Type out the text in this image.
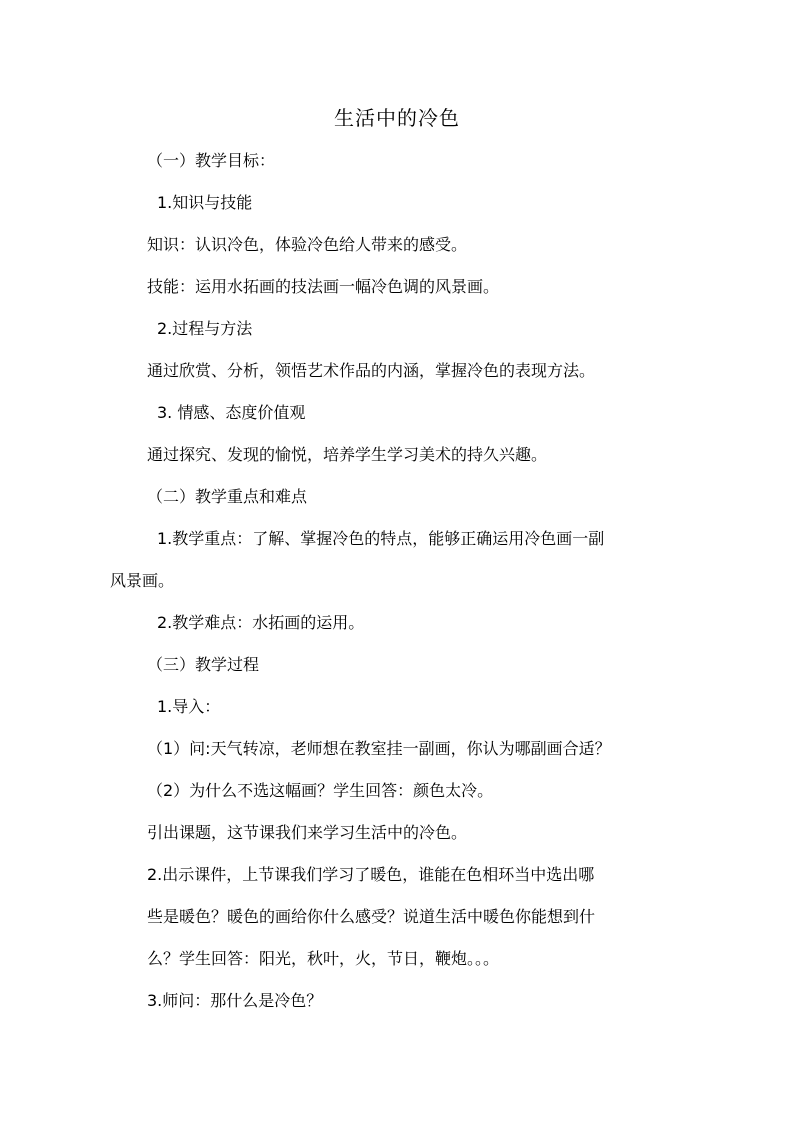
生活中的冷色
（一）教学目标：
1.知识与技能
知识：认识冷色，体验冷色给人带来的感受。
技能：运用水拓画的技法画一幅冷色调的风景画。
2.过程与方法
通过欣赏、分析，领悟艺术作品的内涵，掌握冷色的表现方法。
3. 情感、态度价值观
通过探究、发现的愉悦，培养学生学习美术的持久兴趣。
（二）教学重点和难点
1.教学重点：了解、掌握冷色的特点，能够正确运用冷色画一副
风景画。
2.教学难点：水拓画的运用。
（三）教学过程
1.导入：
（1）问:天气转凉，老师想在教室挂一副画，你认为哪副画合适？
（2）为什么不选这幅画？学生回答：颜色太冷。
引出课题，这节课我们来学习生活中的冷色。
2.出示课件，上节课我们学习了暖色，谁能在色相环当中选出哪
些是暖色？暖色的画给你什么感受？说道生活中暖色你能想到什
么？学生回答：阳光，秋叶，火，节日，鞭炮。。。
3.师问：那什么是冷色？
